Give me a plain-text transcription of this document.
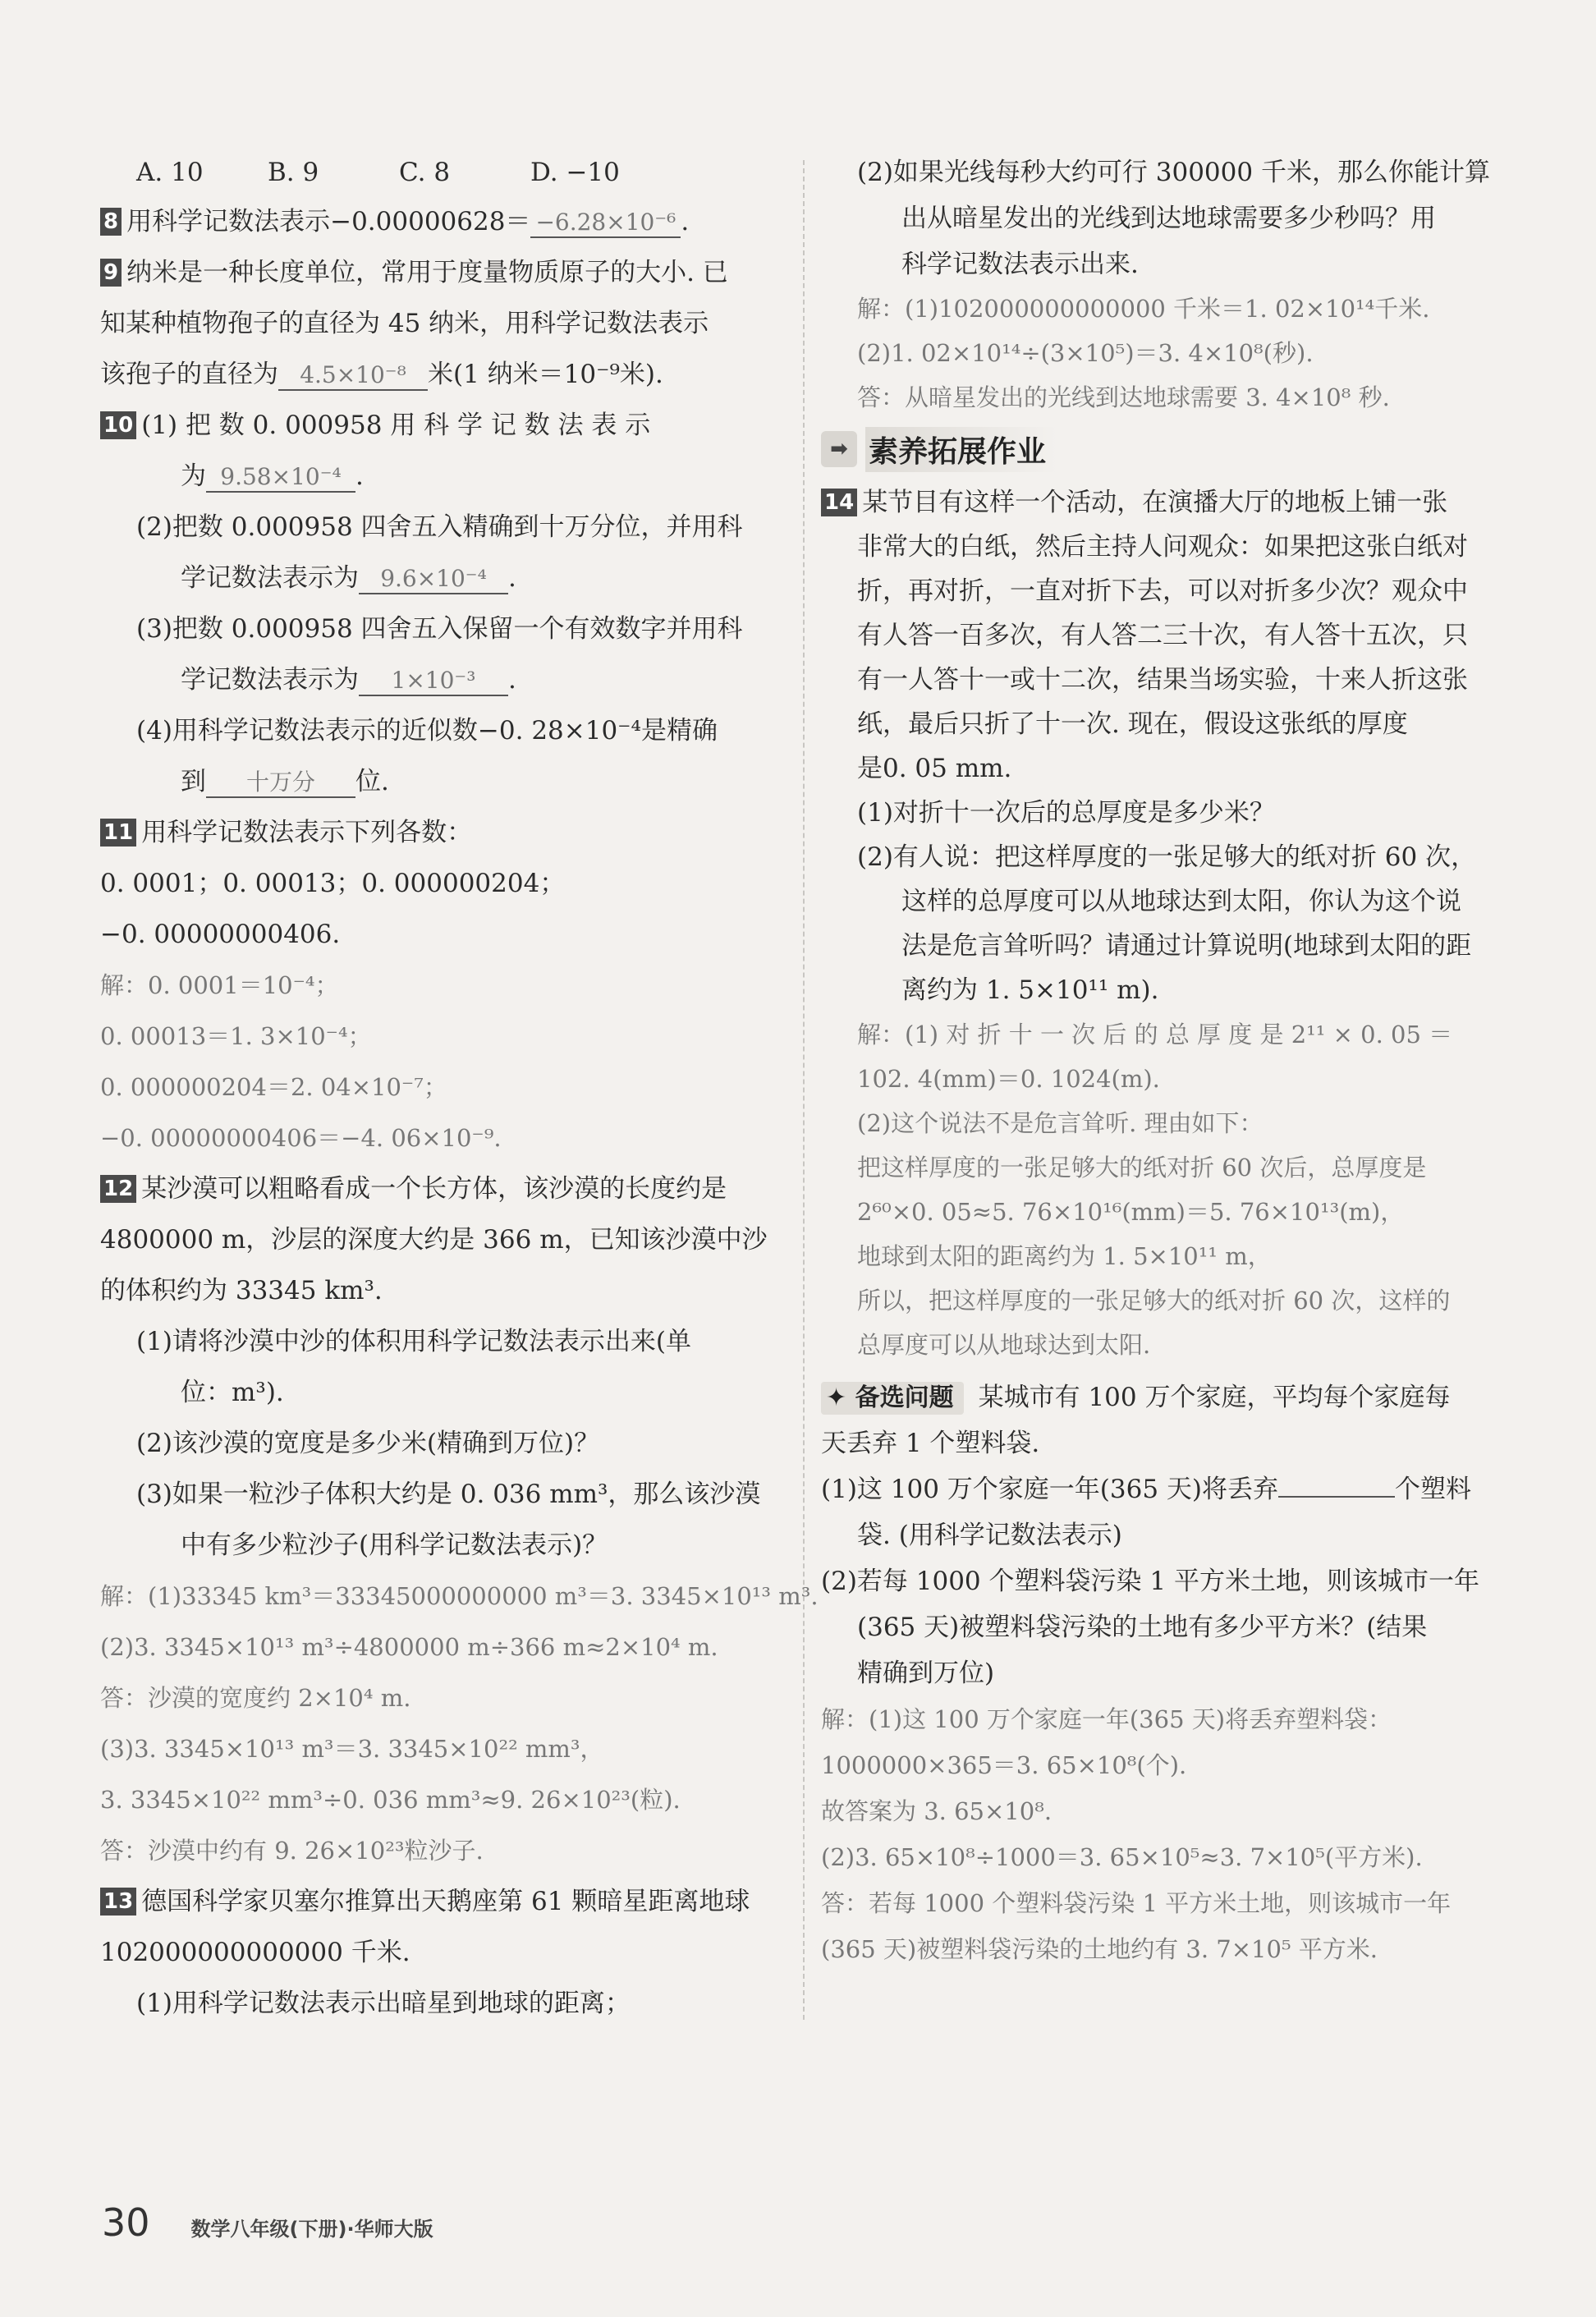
A. 10	B. 9	C. 8	D. −10
8 用科学记数法表示−0.00000628＝ −6.28×10⁻⁶ .
9 纳米是一种长度单位，常用于度量物质原子的大小. 已
知某种植物孢子的直径为 45 纳米，用科学记数法表示
该孢子的直径为 4.5×10⁻⁸ 米(1 纳米＝10⁻⁹米).
10 (1) 把 数 0. 000958 用 科 学 记 数 法 表 示
为 9.58×10⁻⁴ .
(2)把数 0.000958 四舍五入精确到十万分位，并用科
学记数法表示为 9.6×10⁻⁴ .
(3)把数 0.000958 四舍五入保留一个有效数字并用科
学记数法表示为 1×10⁻³ .
(4)用科学记数法表示的近似数−0. 28×10⁻⁴是精确
到 十万分 位.
11 用科学记数法表示下列各数：
0. 0001；0. 00013；0. 000000204；
−0. 00000000406.
解：0. 0001＝10⁻⁴；
0. 00013＝1. 3×10⁻⁴；
0. 000000204＝2. 04×10⁻⁷；
−0. 00000000406＝−4. 06×10⁻⁹.
12 某沙漠可以粗略看成一个长方体，该沙漠的长度约是
4800000 m，沙层的深度大约是 366 m，已知该沙漠中沙
的体积约为 33345 km³.
(1)请将沙漠中沙的体积用科学记数法表示出来(单
位：m³).
(2)该沙漠的宽度是多少米(精确到万位)？
(3)如果一粒沙子体积大约是 0. 036 mm³，那么该沙漠
中有多少粒沙子(用科学记数法表示)？
解：(1)33345 km³＝33345000000000 m³＝3. 3345×10¹³ m³.
(2)3. 3345×10¹³ m³÷4800000 m÷366 m≈2×10⁴ m.
答：沙漠的宽度约 2×10⁴ m.
(3)3. 3345×10¹³ m³＝3. 3345×10²² mm³，
3. 3345×10²² mm³÷0. 036 mm³≈9. 26×10²³(粒).
答：沙漠中约有 9. 26×10²³粒沙子.
13 德国科学家贝塞尔推算出天鹅座第 61 颗暗星距离地球
102000000000000 千米.
(1)用科学记数法表示出暗星到地球的距离；
(2)如果光线每秒大约可行 300000 千米，那么你能计算
出从暗星发出的光线到达地球需要多少秒吗？用
科学记数法表示出来.
解：(1)102000000000000 千米＝1. 02×10¹⁴千米.
(2)1. 02×10¹⁴÷(3×10⁵)＝3. 4×10⁸(秒).
答：从暗星发出的光线到达地球需要 3. 4×10⁸ 秒.
➡ 素养拓展作业
14 某节目有这样一个活动，在演播大厅的地板上铺一张
非常大的白纸，然后主持人问观众：如果把这张白纸对
折，再对折，一直对折下去，可以对折多少次？观众中
有人答一百多次，有人答二三十次，有人答十五次，只
有一人答十一或十二次，结果当场实验，十来人折这张
纸，最后只折了十一次. 现在，假设这张纸的厚度
是0. 05 mm.
(1)对折十一次后的总厚度是多少米？
(2)有人说：把这样厚度的一张足够大的纸对折 60 次，
这样的总厚度可以从地球达到太阳，你认为这个说
法是危言耸听吗？请通过计算说明(地球到太阳的距
离约为 1. 5×10¹¹ m).
解：(1) 对 折 十 一 次 后 的 总 厚 度 是 2¹¹ × 0. 05 ＝
102. 4(mm)＝0. 1024(m).
(2)这个说法不是危言耸听. 理由如下：
把这样厚度的一张足够大的纸对折 60 次后，总厚度是
2⁶⁰×0. 05≈5. 76×10¹⁶(mm)＝5. 76×10¹³(m)，
地球到太阳的距离约为 1. 5×10¹¹ m，
所以，把这样厚度的一张足够大的纸对折 60 次，这样的
总厚度可以从地球达到太阳.
✦ 备选问题 某城市有 100 万个家庭，平均每个家庭每
天丢弃 1 个塑料袋.
(1)这 100 万个家庭一年(365 天)将丢弃	个塑料
袋. (用科学记数法表示)
(2)若每 1000 个塑料袋污染 1 平方米土地，则该城市一年
(365 天)被塑料袋污染的土地有多少平方米？(结果
精确到万位)
解：(1)这 100 万个家庭一年(365 天)将丢弃塑料袋：
1000000×365＝3. 65×10⁸(个).
故答案为 3. 65×10⁸.
(2)3. 65×10⁸÷1000＝3. 65×10⁵≈3. 7×10⁵(平方米).
答：若每 1000 个塑料袋污染 1 平方米土地，则该城市一年
(365 天)被塑料袋污染的土地约有 3. 7×10⁵ 平方米.
30 数学八年级(下册)·华师大版
